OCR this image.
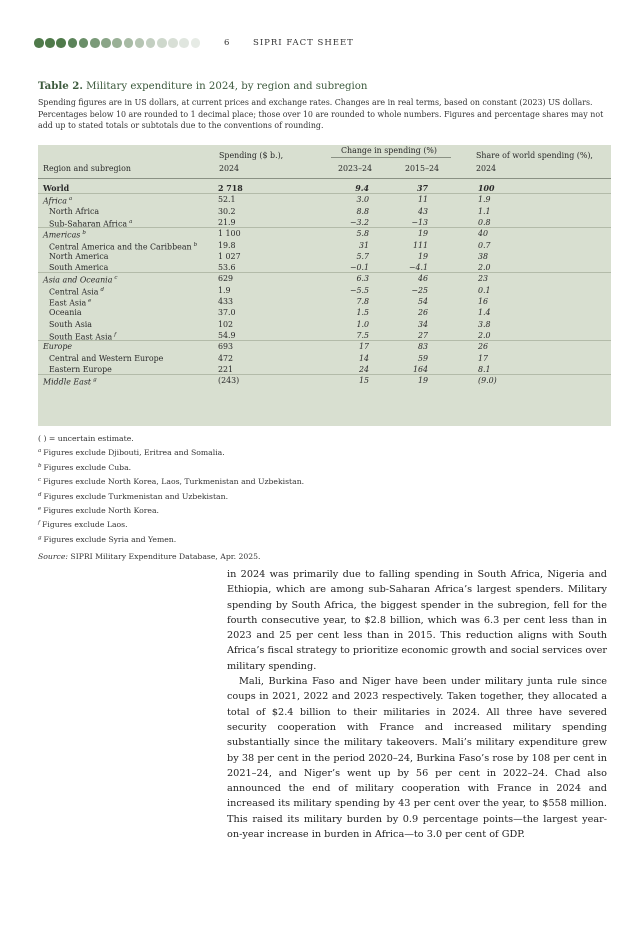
6	SIPRI FACT SHEET
Table 2. Military expenditure in 2024, by region and subregion
Spending figures are in US dollars, at current prices and exchange rates. Changes are in real terms, based on constant (2023) US dollars. Percentages below 10 are rounded to 1 decimal place; those over 10 are rounded to whole numbers. Figures and percentage shares may not add up to stated totals or subtotals due to the conventions of rounding.
Region and subregion
Spending ($ b.),
2024
Change in spending (%)
2023–24	2015–24
Share of world spending (%),
2024
World	2 718	9.4	37	100
Africa $^a$	52.1	3.0	11	1.9
North Africa	30.2	8.8	43	1.1
Sub-Saharan Africa $^a$	21.9	−3.2	−13	0.8
Americas $^b$	1 100	5.8	19	40
Central America and the Caribbean $^b$	19.8	31	111	0.7
North America	1 027	5.7	19	38
South America	53.6	−0.1	−4.1	2.0
Asia and Oceania $^c$	629	6.3	46	23
Central Asia $^d$	1.9	−5.5	−25	0.1
East Asia $^e$	433	7.8	54	16
Oceania	37.0	1.5	26	1.4
South Asia	102	1.0	34	3.8
South East Asia $^f$	54.9	7.5	27	2.0
Europe	693	17	83	26
Central and Western Europe	472	14	59	17
Eastern Europe	221	24	164	8.1
Middle East $^g$	(243)	15	19	(9.0)
( ) = uncertain estimate.
$^a$ Figures exclude Djibouti, Eritrea and Somalia.
$^b$ Figures exclude Cuba.
$^c$ Figures exclude North Korea, Laos, Turkmenistan and Uzbekistan.
$^d$ Figures exclude Turkmenistan and Uzbekistan.
$^e$ Figures exclude North Korea.
$^f$ Figures exclude Laos.
$^g$ Figures exclude Syria and Yemen.
Source: SIPRI Military Expenditure Database, Apr. 2025.

in 2024 was primarily due to falling spending in South Africa, Nigeria and Ethiopia, which are among sub-Saharan Africa’s largest spenders. Military spending by South Africa, the biggest spender in the subregion, fell for the fourth consecutive year, to $2.8 billion, which was 6.3 per cent less than in 2023 and 25 per cent less than in 2015. This reduction aligns with South Africa’s fiscal strategy to prioritize economic growth and social services over military spending.

Mali, Burkina Faso and Niger have been under military junta rule since coups in 2021, 2022 and 2023 respectively. Taken together, they allocated a total of $2.4 billion to their militaries in 2024. All three have severed security cooperation with France and increased military spending substantially since the military takeovers. Mali’s military expenditure grew by 38 per cent in the period 2020–24, Burkina Faso’s rose by 108 per cent in 2021–24, and Niger’s went up by 56 per cent in 2022–24. Chad also announced the end of military cooperation with France in 2024 and increased its military spending by 43 per cent over the year, to $558 million. This raised its military burden by 0.9 percentage points—the largest year-on-year increase in burden in Africa—to 3.0 per cent of GDP.
